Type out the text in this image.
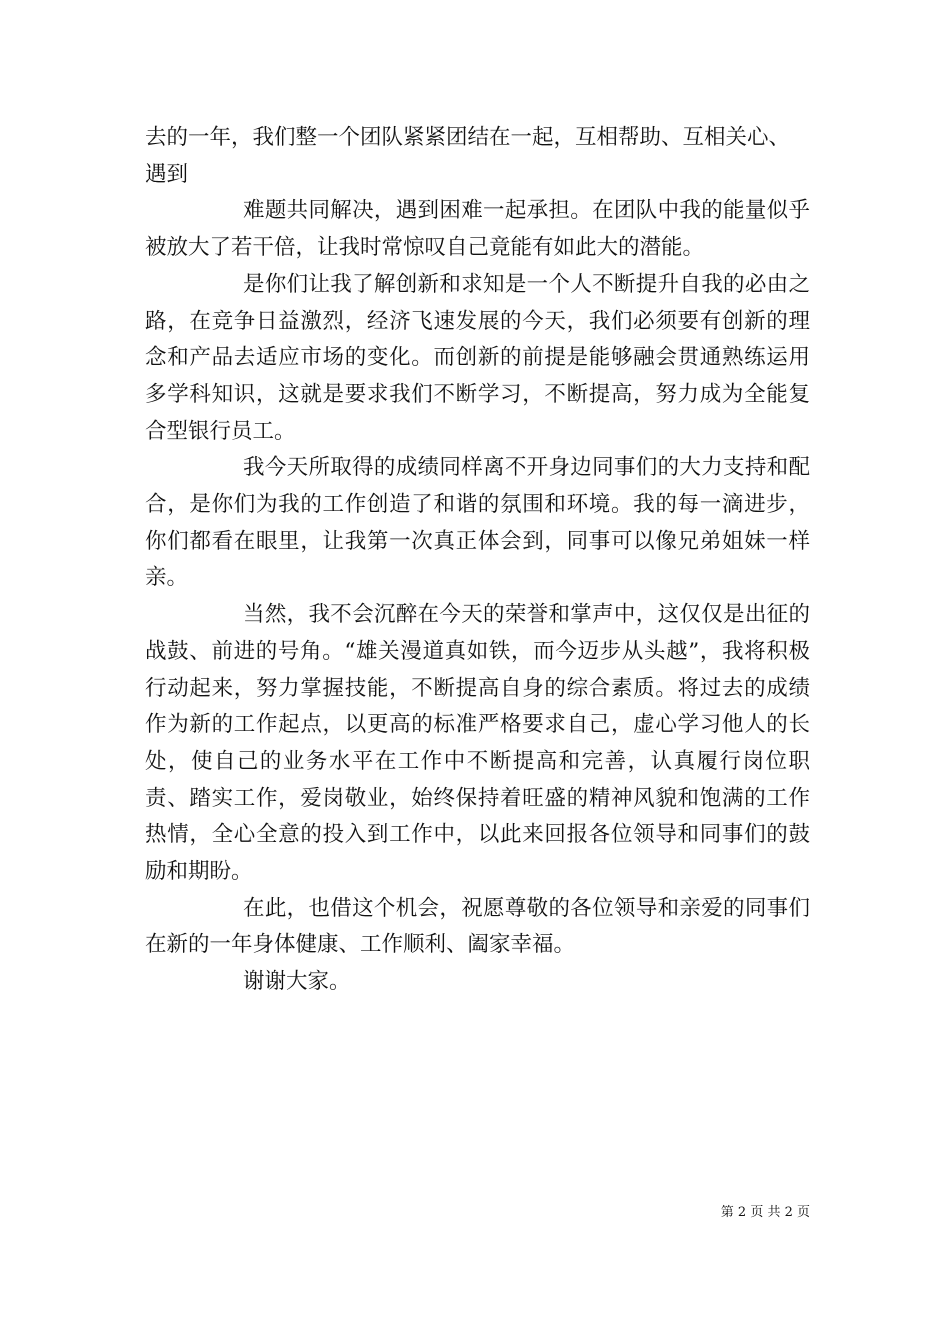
去的一年，我们整一个团队紧紧团结在一起，互相帮助、互相关心、
遇到

难题共同解决，遇到困难一起承担。在团队中我的能量似乎被放大了若干倍，让我时常惊叹自己竟能有如此大的潜能。

是你们让我了解创新和求知是一个人不断提升自我的必由之路，在竞争日益激烈，经济飞速发展的今天，我们必须要有创新的理念和产品去适应市场的变化。而创新的前提是能够融会贯通熟练运用多学科知识，这就是要求我们不断学习，不断提高，努力成为全能复合型银行员工。

我今天所取得的成绩同样离不开身边同事们的大力支持和配合，是你们为我的工作创造了和谐的氛围和环境。我的每一滴进步，你们都看在眼里，让我第一次真正体会到，同事可以像兄弟姐妹一样亲。

当然，我不会沉醉在今天的荣誉和掌声中，这仅仅是出征的战鼓、前进的号角。“雄关漫道真如铁，而今迈步从头越”，我将积极行动起来，努力掌握技能，不断提高自身的综合素质。将过去的成绩作为新的工作起点，以更高的标准严格要求自己，虚心学习他人的长处，使自己的业务水平在工作中不断提高和完善，认真履行岗位职责、踏实工作，爱岗敬业，始终保持着旺盛的精神风貌和饱满的工作热情，全心全意的投入到工作中，以此来回报各位领导和同事们的鼓励和期盼。

在此，也借这个机会，祝愿尊敬的各位领导和亲爱的同事们在新的一年身体健康、工作顺利、阖家幸福。

谢谢大家。

第 2 页 共 2 页
